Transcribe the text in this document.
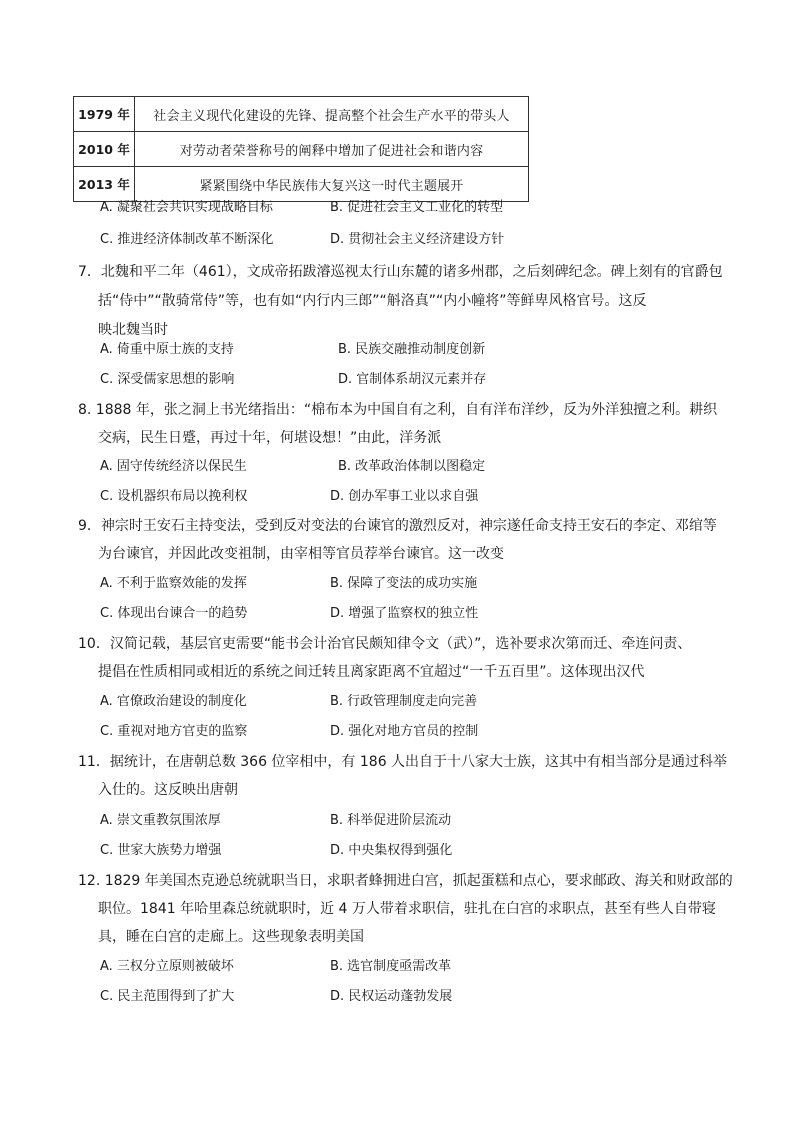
1979 年	社会主义现代化建设的先锋、提高整个社会生产水平的带头人
2010 年	对劳动者荣誉称号的阐释中增加了促进社会和谐内容
2013 年	紧紧围绕中华民族伟大复兴这一时代主题展开
A. 凝聚社会共识实现战略目标	B. 促进社会主义工业化的转型
C. 推进经济体制改革不断深化	D. 贯彻社会主义经济建设方针
7．北魏和平二年（461），文成帝拓跋濬巡视太行山东麓的诸多州郡，之后刻碑纪念。碑上刻有的官爵包
括“侍中”“散骑常侍”等，也有如“内行内三郎”“斛洛真”“内小幢将”等鲜卑风格官号。这反
映北魏当时
A. 倚重中原士族的支持	B. 民族交融推动制度创新
C. 深受儒家思想的影响	D. 官制体系胡汉元素并存
8. 1888 年，张之洞上书光绪指出：“棉布本为中国自有之利，自有洋布洋纱，反为外洋独擅之利。耕织
交病，民生日蹙，再过十年，何堪设想！”由此，洋务派
A. 固守传统经济以保民生	B. 改革政治体制以图稳定
C. 设机器织布局以挽利权	D. 创办军事工业以求自强
9．神宗时王安石主持变法，受到反对变法的台谏官的激烈反对，神宗遂任命支持王安石的李定、邓绾等
为台谏官，并因此改变祖制，由宰相等官员荐举台谏官。这一改变
A. 不利于监察效能的发挥	B. 保障了变法的成功实施
C. 体现出台谏合一的趋势	D. 增强了监察权的独立性
10．汉简记载，基层官吏需要“能书会计治官民颇知律令文（武）”，选补要求次第而迁、牵连问责、
提倡在性质相同或相近的系统之间迁转且离家距离不宜超过“一千五百里”。这体现出汉代
A. 官僚政治建设的制度化	B. 行政管理制度走向完善
C. 重视对地方官吏的监察	D. 强化对地方官员的控制
11．据统计，在唐朝总数 366 位宰相中，有 186 人出自于十八家大士族，这其中有相当部分是通过科举
入仕的。这反映出唐朝
A. 崇文重教氛围浓厚	B. 科举促进阶层流动
C. 世家大族势力增强	D. 中央集权得到强化
12. 1829 年美国杰克逊总统就职当日，求职者蜂拥进白宫，抓起蛋糕和点心，要求邮政、海关和财政部的
职位。1841 年哈里森总统就职时，近 4 万人带着求职信，驻扎在白宫的求职点，甚至有些人自带寝
具，睡在白宫的走廊上。这些现象表明美国
A. 三权分立原则被破坏	B. 选官制度亟需改革
C. 民主范围得到了扩大	D. 民权运动蓬勃发展
